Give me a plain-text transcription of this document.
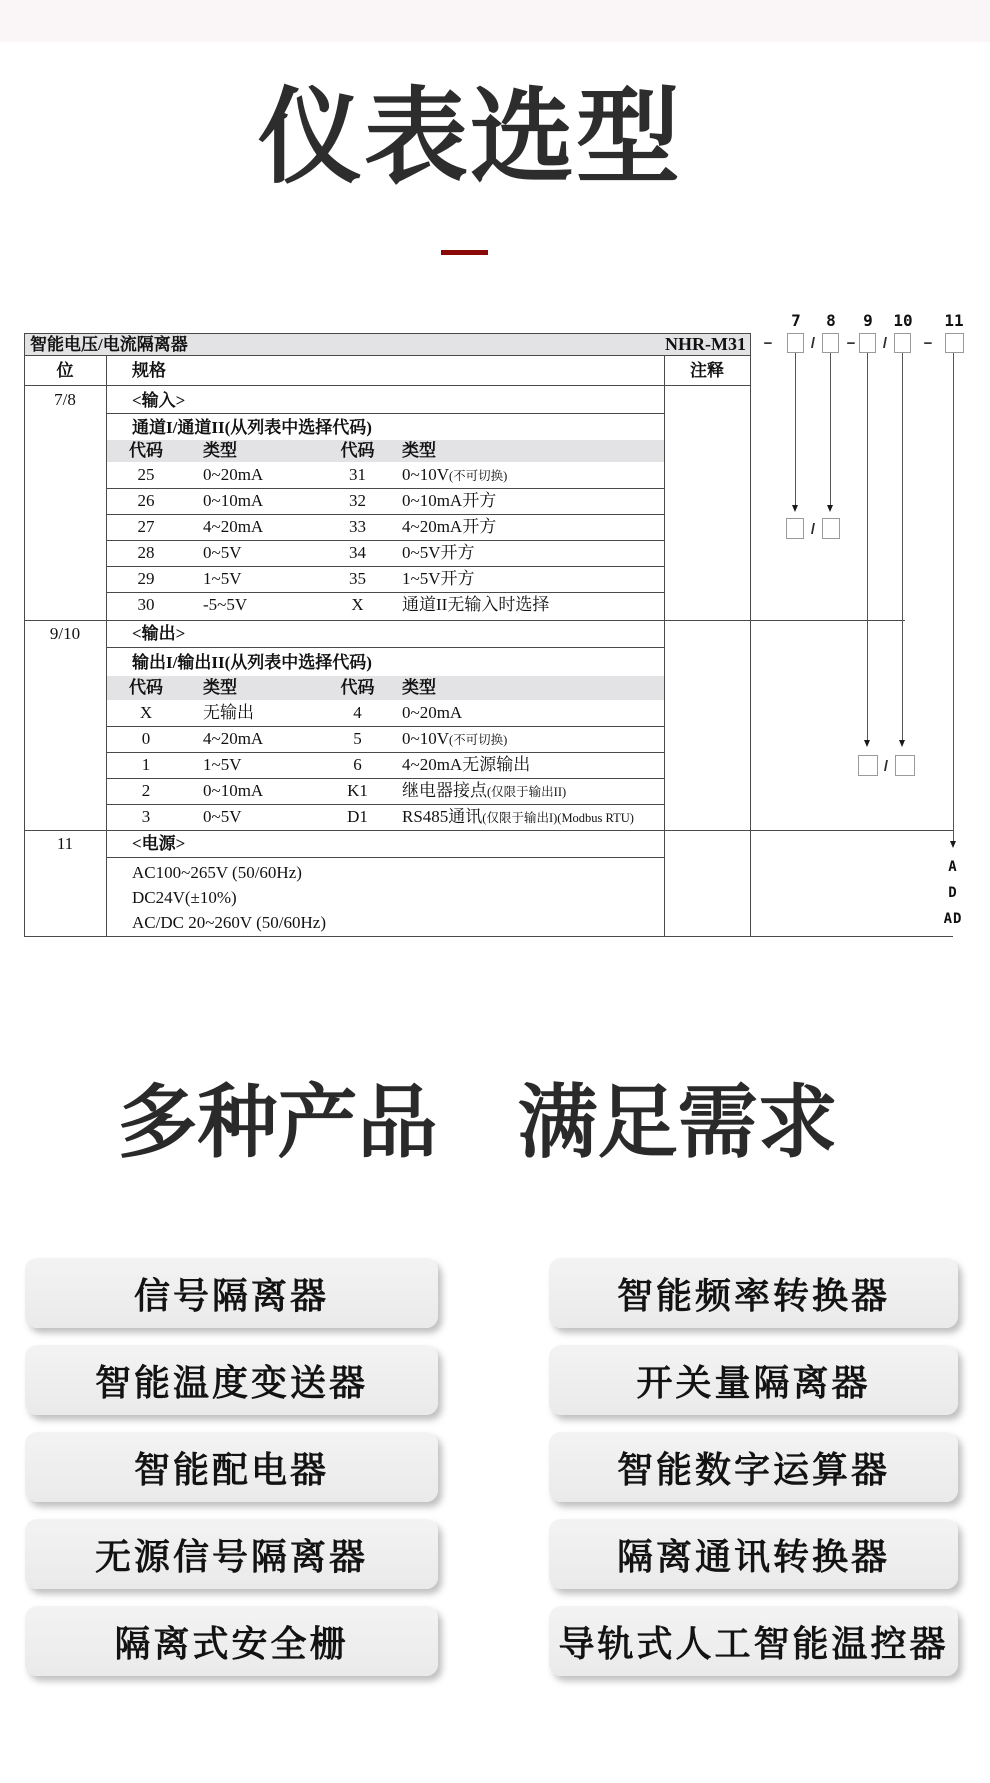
仪表选型
智能电压/电流隔离器	NHR-M31
位	规格	注释
7/8	<输入>
通道I/通道II(从列表中选择代码)
代码	类型	代码	类型
25	0~20mA	31	0~10V(不可切换)
26	0~10mA	32	0~10mA开方
27	4~20mA	33	4~20mA开方
28	0~5V	34	0~5V开方
29	1~5V	35	1~5V开方
30	-5~5V	X	通道II无输入时选择
9/10	<输出>
输出I/输出II(从列表中选择代码)
代码	类型	代码	类型
X	无输出	4	0~20mA
0	4~20mA	5	0~10V(不可切换)
1	1~5V	6	4~20mA无源输出
2	0~10mA	K1	继电器接点(仅限于输出II)
3	0~5V	D1	RS485通讯(仅限于输出I)(Modbus RTU)
11	<电源>
AC100~265V (50/60Hz)
DC24V(±10%)
AC/DC 20~260V (50/60Hz)
7	8	9	10	11
−	/	−	/	−
/
/
A
D
AD
多种产品 满足需求
信号隔离器	智能频率转换器
智能温度变送器	开关量隔离器
智能配电器	智能数字运算器
无源信号隔离器	隔离通讯转换器
隔离式安全栅	导轨式人工智能温控器
